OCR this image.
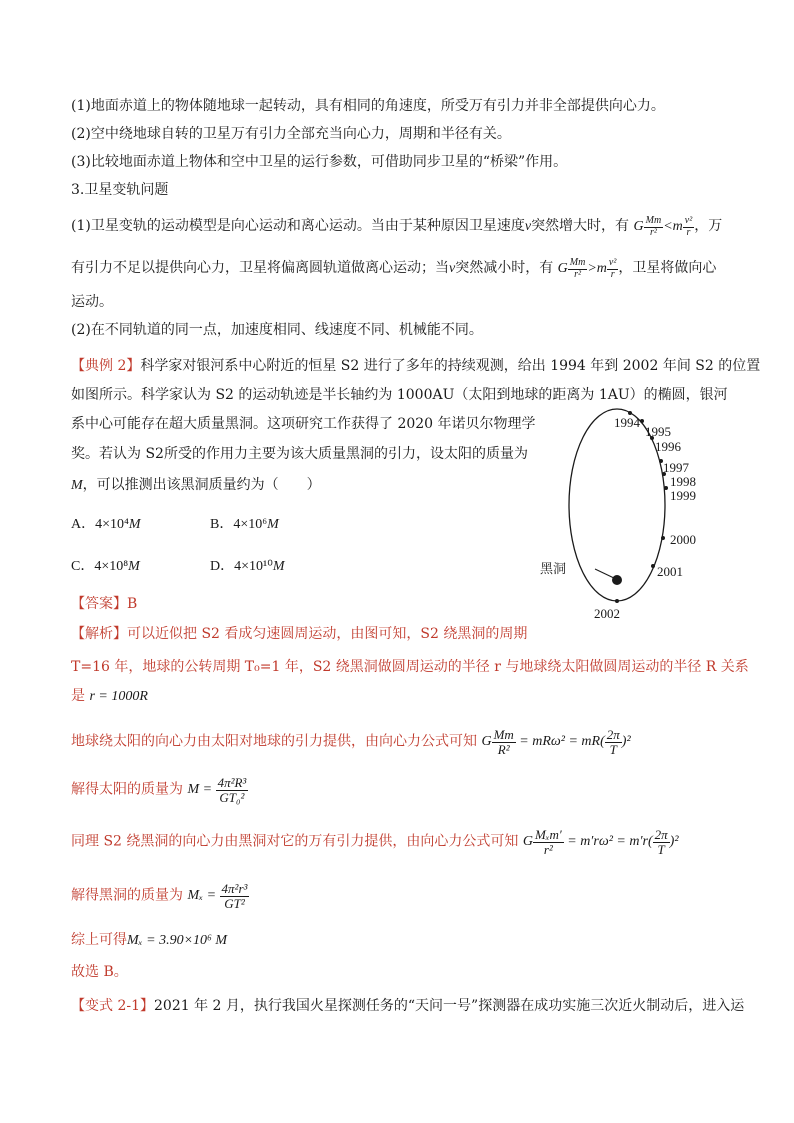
(1)地面赤道上的物体随地球一起转动，具有相同的角速度，所受万有引力并非全部提供向心力。
(2)空中绕地球自转的卫星万有引力全部充当向心力，周期和半径有关。
(3)比较地面赤道上物体和空中卫星的运行参数，可借助同步卫星的“桥梁”作用。
3.卫星变轨问题
(1)卫星变轨的运动模型是向心运动和离心运动。当由于某种原因卫星速度v突然增大时，有 G $\frac{Mm}{\text{r²}} <m \frac{\text{v²}}{r}$ ，万
有引力不足以提供向心力，卫星将偏离圆轨道做离心运动；当v突然减小时，有 G $\frac{Mm}{\text{r²}} >m \frac{\text{v²}}{r}$ ，卫星将做向心
运动。
(2)在不同轨道的同一点，加速度相同、线速度不同、机械能不同。
【典例 2】科学家对银河系中心附近的恒星 S2 进行了多年的持续观测，给出 1994 年到 2002 年间 S2 的位置
如图所示。科学家认为 S2 的运动轨迹是半长轴约为 1000AU（太阳到地球的距离为 1AU）的椭圆，银河
系中心可能存在超大质量黑洞。这项研究工作获得了 2020 年诺贝尔物理学
奖。若认为 S2所受的作用力主要为该大质量黑洞的引力，设太阳的质量为
M，可以推测出该黑洞质量约为（　　）
A．4×10⁴M	B．4×10⁶M
C．4×10⁸M	D．4×10¹⁰M
【答案】B
【解析】可以近似把 S2 看成匀速圆周运动，由图可知，S2 绕黑洞的周期
T=16 年，地球的公转周期 T₀=1 年，S2 绕黑洞做圆周运动的半径 r 与地球绕太阳做圆周运动的半径 R 关系
是 r = 1000R
地球绕太阳的向心力由太阳对地球的引力提供，由向心力公式可知 G $\frac{Mm}{\text{R²}} = mR\omega^2 = mR( \frac{2\pi}{T} )^2$
解得太阳的质量为 $M = \frac{\text{4π²R³}}{\text{GT₀²}}$
同理 S2 绕黑洞的向心力由黑洞对它的万有引力提供，由向心力公式可知 G $\frac{\text{Mₓm′}}{\text{r²}} = m'r\omega^2 = m'r( \frac{2\pi}{T} )^2$
解得黑洞的质量为 $M_x = \frac{\text{4π²r³}}{\text{GT²}}$
综上可得Mₓ = 3.90×10⁶ M
故选 B。
【变式 2-1】2021 年 2 月，执行我国火星探测任务的“天问一号”探测器在成功实施三次近火制动后，进入运
1994
1995
1996
1997
1998
1999
2000
2001
2002
黑洞
